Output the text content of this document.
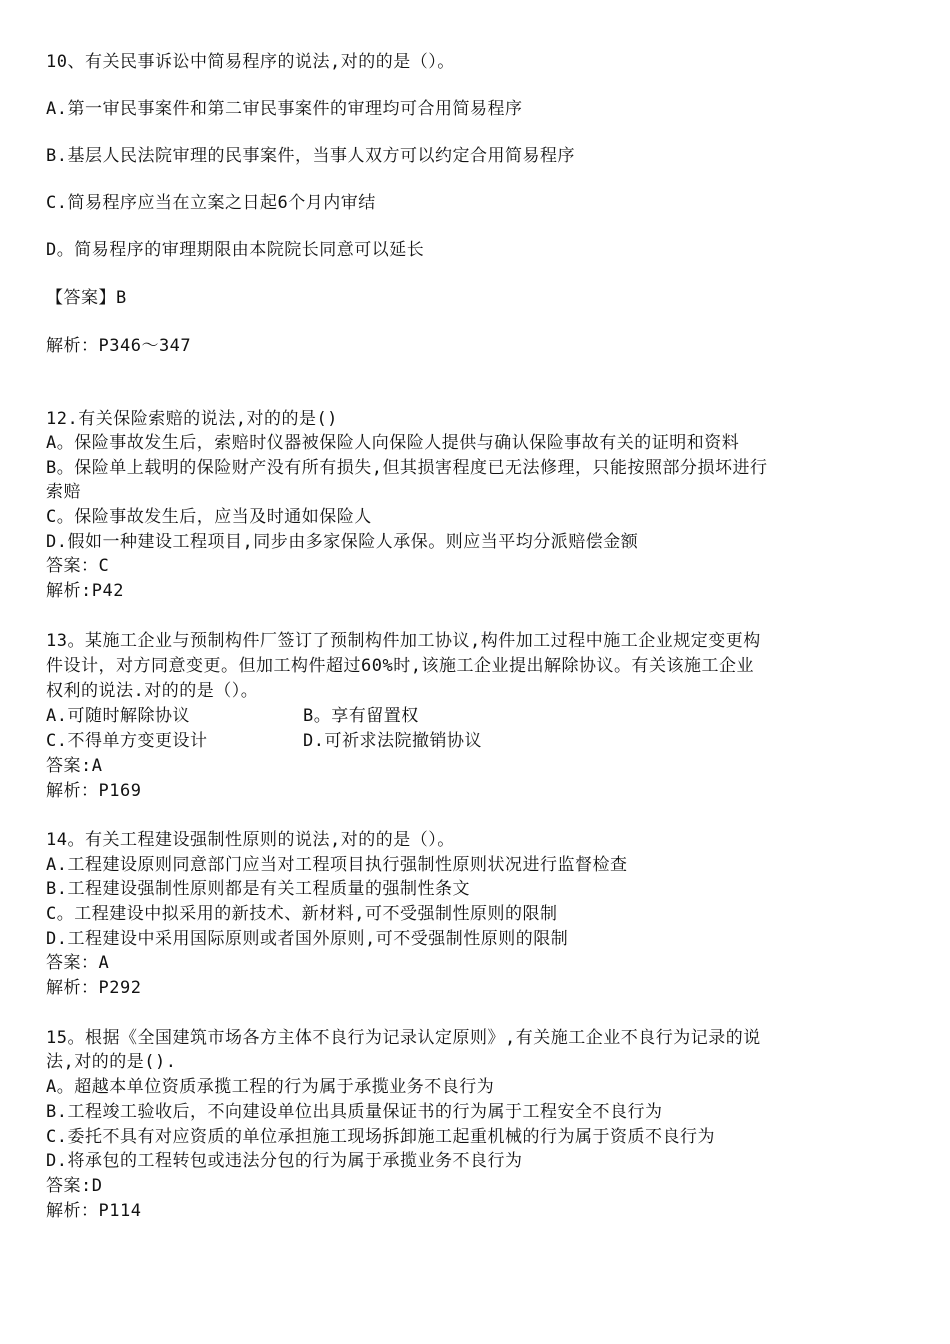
10、有关民事诉讼中简易程序的说法,对的的是（）。
A.第一审民事案件和第二审民事案件的审理均可合用简易程序
B.基层人民法院审理的民事案件，当事人双方可以约定合用简易程序
C.简易程序应当在立案之日起6个月内审结
D。简易程序的审理期限由本院院长同意可以延长
【答案】B
解析：P346～347
12.有关保险索赔的说法,对的的是()
A。保险事故发生后，索赔时仪器被保险人向保险人提供与确认保险事故有关的证明和资料
B。保险单上载明的保险财产没有所有损失,但其损害程度已无法修理，只能按照部分损坏进行
索赔
C。保险事故发生后，应当及时通如保险人
D.假如一种建设工程项目,同步由多家保险人承保。则应当平均分派赔偿金额
答案：C
解析:P42
13。某施工企业与预制构件厂签订了预制构件加工协议,构件加工过程中施工企业规定变更构
件设计，对方同意变更。但加工构件超过60%时,该施工企业提出解除协议。有关该施工企业
权利的说法.对的的是（）。
A.可随时解除协议	B。享有留置权
C.不得单方变更设计	D.可祈求法院撤销协议
答案:A
解析：P169
14。有关工程建设强制性原则的说法,对的的是（）。
A.工程建设原则同意部门应当对工程项目执行强制性原则状况进行监督检查
B.工程建设强制性原则都是有关工程质量的强制性条文
C。工程建设中拟采用的新技术、新材料,可不受强制性原则的限制
D.工程建设中采用国际原则或者国外原则,可不受强制性原则的限制
答案：A
解析：P292
15。根据《全国建筑市场各方主体不良行为记录认定原则》,有关施工企业不良行为记录的说
法,对的的是().
A。超越本单位资质承揽工程的行为属于承揽业务不良行为
B.工程竣工验收后，不向建设单位出具质量保证书的行为属于工程安全不良行为
C.委托不具有对应资质的单位承担施工现场拆卸施工起重机械的行为属于资质不良行为
D.将承包的工程转包或违法分包的行为属于承揽业务不良行为
答案:D
解析：P114
